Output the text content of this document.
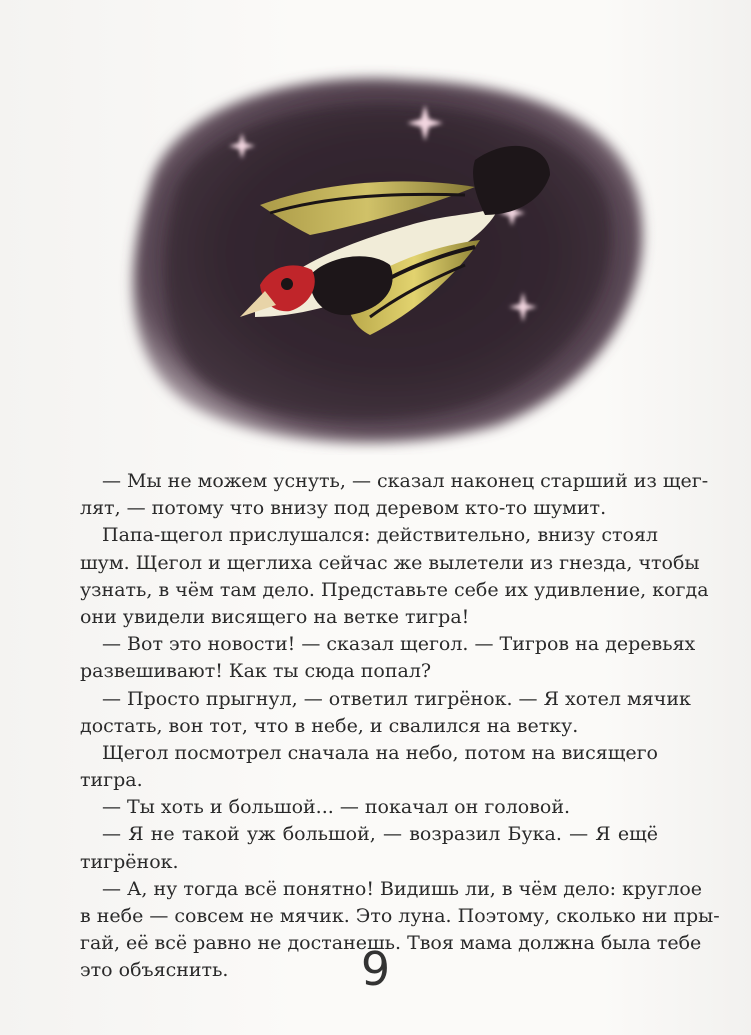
— Мы не можем уснуть, — сказал наконец старший из щег-
лят, — потому что внизу под деревом кто-то шумит.
Папа-щегол прислушался: действительно, внизу стоял
шум. Щегол и щеглиха сейчас же вылетели из гнезда, чтобы
узнать, в чём там дело. Представьте себе их удивление, когда
они увидели висящего на ветке тигра!
— Вот это новости! — сказал щегол. — Тигров на деревьях
развешивают! Как ты сюда попал?
— Просто прыгнул, — ответил тигрёнок. — Я хотел мячик
достать, вон тот, что в небе, и свалился на ветку.
Щегол посмотрел сначала на небо, потом на висящего
тигра.
— Ты хоть и большой... — покачал он головой.
— Я не такой уж большой, — возразил Бука. — Я ещё
тигрёнок.
— А, ну тогда всё понятно! Видишь ли, в чём дело: круглое
в небе — совсем не мячик. Это луна. Поэтому, сколько ни пры-
гай, её всё равно не достанешь. Твоя мама должна была тебе
это объяснить.	9
